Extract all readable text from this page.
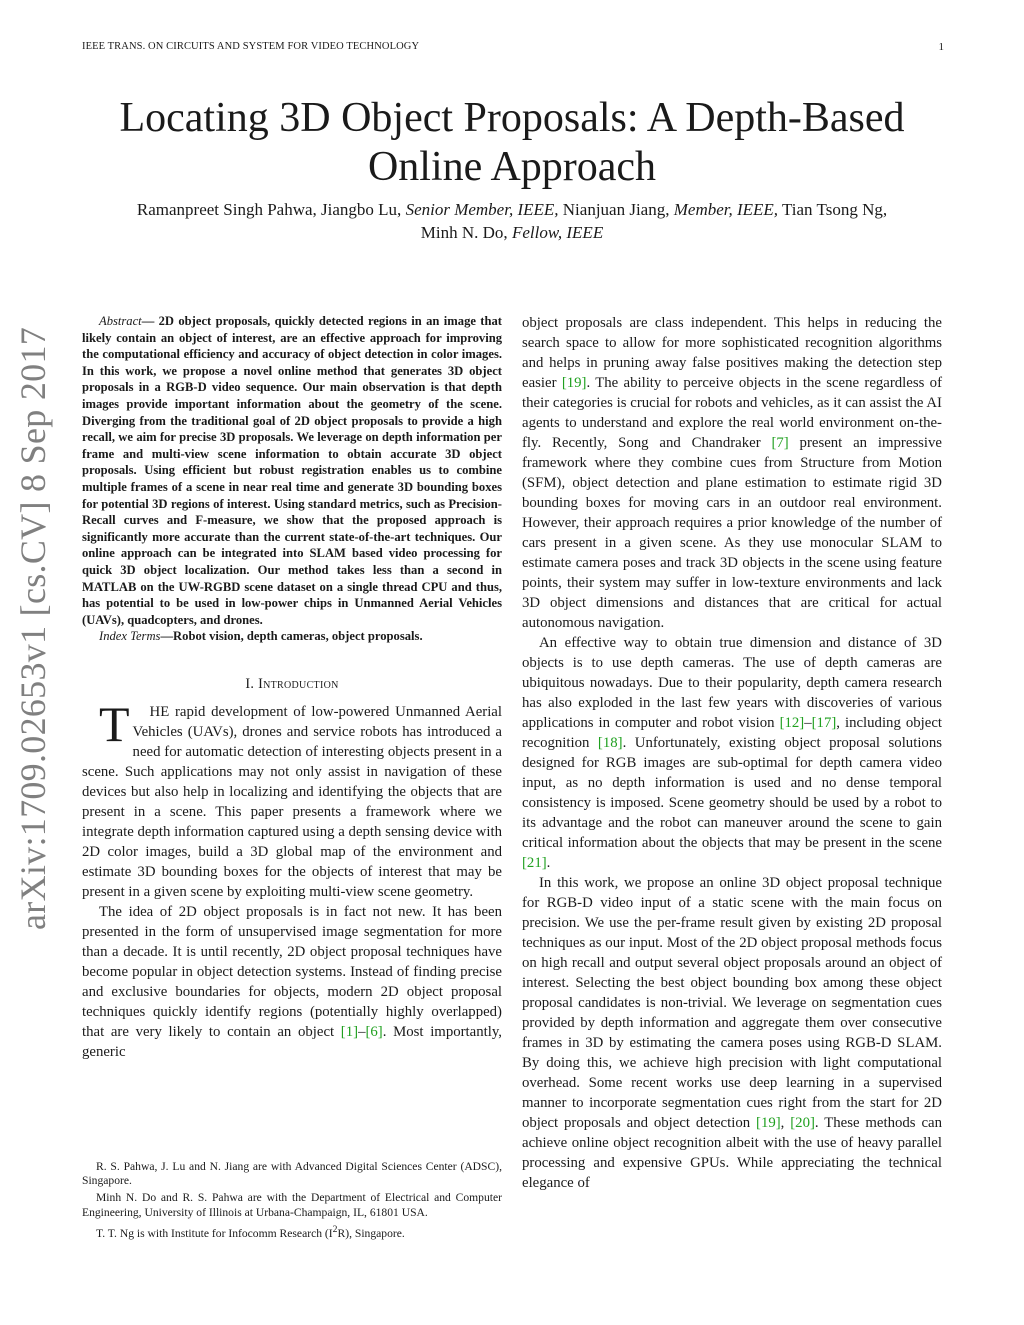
IEEE TRANS. ON CIRCUITS AND SYSTEM FOR VIDEO TECHNOLOGY	1
arXiv:1709.02653v1 [cs.CV] 8 Sep 2017
Locating 3D Object Proposals: A Depth-Based
Online Approach
Ramanpreet Singh Pahwa, Jiangbo Lu, Senior Member, IEEE, Nianjuan Jiang, Member, IEEE, Tian Tsong Ng,
Minh N. Do, Fellow, IEEE

Abstract— 2D object proposals, quickly detected regions in an image that likely contain an object of interest, are an effective approach for improving the computational efficiency and accuracy of object detection in color images. In this work, we propose a novel online method that generates 3D object proposals in a RGB-D video sequence. Our main observation is that depth images provide important information about the geometry of the scene. Diverging from the traditional goal of 2D object proposals to provide a high recall, we aim for precise 3D proposals. We leverage on depth information per frame and multi-view scene information to obtain accurate 3D object proposals. Using efficient but robust registration enables us to combine multiple frames of a scene in near real time and generate 3D bounding boxes for potential 3D regions of interest. Using standard metrics, such as Precision-Recall curves and F-measure, we show that the proposed approach is significantly more accurate than the current state-of-the-art techniques. Our online approach can be integrated into SLAM based video processing for quick 3D object localization. Our method takes less than a second in MATLAB on the UW-RGBD scene dataset on a single thread CPU and thus, has potential to be used in low-power chips in Unmanned Aerial Vehicles (UAVs), quadcopters, and drones.

Index Terms—Robot vision, depth cameras, object proposals.

I. Introduction

T HE rapid development of low-powered Unmanned Aerial Vehicles (UAVs), drones and service robots has introduced a need for automatic detection of interesting objects present in a scene. Such applications may not only assist in navigation of these devices but also help in localizing and identifying the objects that are present in a scene. This paper presents a framework where we integrate depth information captured using a depth sensing device with 2D color images, build a 3D global map of the environment and estimate 3D bounding boxes for the objects of interest that may be present in a given scene by exploiting multi-view scene geometry.

The idea of 2D object proposals is in fact not new. It has been presented in the form of unsupervised image segmentation for more than a decade. It is until recently, 2D object proposal techniques have become popular in object detection systems. Instead of finding precise and exclusive boundaries for objects, modern 2D object proposal techniques quickly identify regions (potentially highly overlapped) that are very likely to contain an object [1]–[6]. Most importantly, generic

R. S. Pahwa, J. Lu and N. Jiang are with Advanced Digital Sciences Center (ADSC), Singapore.

Minh N. Do and R. S. Pahwa are with the Department of Electrical and Computer Engineering, University of Illinois at Urbana-Champaign, IL, 61801 USA.

T. T. Ng is with Institute for Infocomm Research $(I^2R)$, Singapore.

object proposals are class independent. This helps in reducing the search space to allow for more sophisticated recognition algorithms and helps in pruning away false positives making the detection step easier [19]. The ability to perceive objects in the scene regardless of their categories is crucial for robots and vehicles, as it can assist the AI agents to understand and explore the real world environment on-the-fly. Recently, Song and Chandraker [7] present an impressive framework where they combine cues from Structure from Motion (SFM), object detection and plane estimation to estimate rigid 3D bounding boxes for moving cars in an outdoor real environment. However, their approach requires a prior knowledge of the number of cars present in a given scene. As they use monocular SLAM to estimate camera poses and track 3D objects in the scene using feature points, their system may suffer in low-texture environments and lack 3D object dimensions and distances that are critical for actual autonomous navigation.

An effective way to obtain true dimension and distance of 3D objects is to use depth cameras. The use of depth cameras are ubiquitous nowadays. Due to their popularity, depth camera research has also exploded in the last few years with discoveries of various applications in computer and robot vision [12]–[17], including object recognition [18]. Unfortunately, existing object proposal solutions designed for RGB images are sub-optimal for depth camera video input, as no depth information is used and no dense temporal consistency is imposed. Scene geometry should be used by a robot to its advantage and the robot can maneuver around the scene to gain critical information about the objects that may be present in the scene [21].

In this work, we propose an online 3D object proposal technique for RGB-D video input of a static scene with the main focus on precision. We use the per-frame result given by existing 2D proposal techniques as our input. Most of the 2D object proposal methods focus on high recall and output several object proposals around an object of interest. Selecting the best object bounding box among these object proposal candidates is non-trivial. We leverage on segmentation cues provided by depth information and aggregate them over consecutive frames in 3D by estimating the camera poses using RGB-D SLAM. By doing this, we achieve high precision with light computational overhead. Some recent works use deep learning in a supervised manner to incorporate segmentation cues right from the start for 2D object proposals and object detection [19], [20]. These methods can achieve online object recognition albeit with the use of heavy parallel processing and expensive GPUs. While appreciating the technical elegance of
